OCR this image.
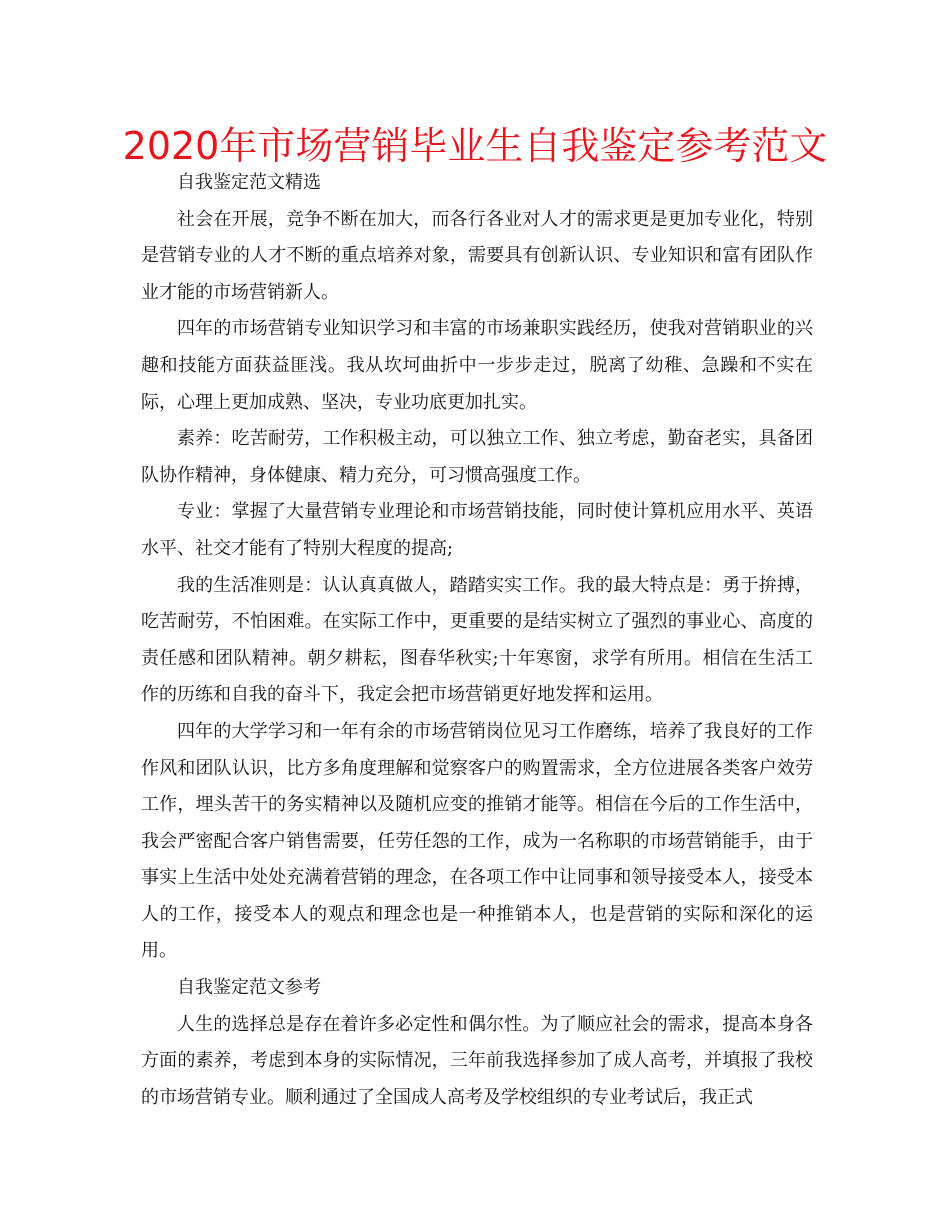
2020年市场营销毕业生自我鉴定参考范文

自我鉴定范文精选

社会在开展，竞争不断在加大，而各行各业对人才的需求更是更加专业化，特别是营销专业的人才不断的重点培养对象，需要具有创新认识、专业知识和富有团队作业才能的市场营销新人。

四年的市场营销专业知识学习和丰富的市场兼职实践经历，使我对营销职业的兴趣和技能方面获益匪浅。我从坎坷曲折中一步步走过，脱离了幼稚、急躁和不实在际，心理上更加成熟、坚决，专业功底更加扎实。

素养：吃苦耐劳，工作积极主动，可以独立工作、独立考虑，勤奋老实，具备团队协作精神，身体健康、精力充分，可习惯高强度工作。

专业：掌握了大量营销专业理论和市场营销技能，同时使计算机应用水平、英语水平、社交才能有了特别大程度的提高;

我的生活准则是：认认真真做人，踏踏实实工作。我的最大特点是：勇于拚搏，吃苦耐劳，不怕困难。在实际工作中，更重要的是结实树立了强烈的事业心、高度的责任感和团队精神。朝夕耕耘，图春华秋实;十年寒窗，求学有所用。相信在生活工作的历练和自我的奋斗下，我定会把市场营销更好地发挥和运用。

四年的大学学习和一年有余的市场营销岗位见习工作磨练，培养了我良好的工作作风和团队认识，比方多角度理解和觉察客户的购置需求，全方位进展各类客户效劳工作，埋头苦干的务实精神以及随机应变的推销才能等。相信在今后的工作生活中，我会严密配合客户销售需要，任劳任怨的工作，成为一名称职的市场营销能手，由于事实上生活中处处充满着营销的理念，在各项工作中让同事和领导接受本人，接受本人的工作，接受本人的观点和理念也是一种推销本人，也是营销的实际和深化的运用。

自我鉴定范文参考

人生的选择总是存在着许多必定性和偶尔性。为了顺应社会的需求，提高本身各方面的素养，考虑到本身的实际情况，三年前我选择参加了成人高考，并填报了我校的市场营销专业。顺利通过了全国成人高考及学校组织的专业考试后，我正式
